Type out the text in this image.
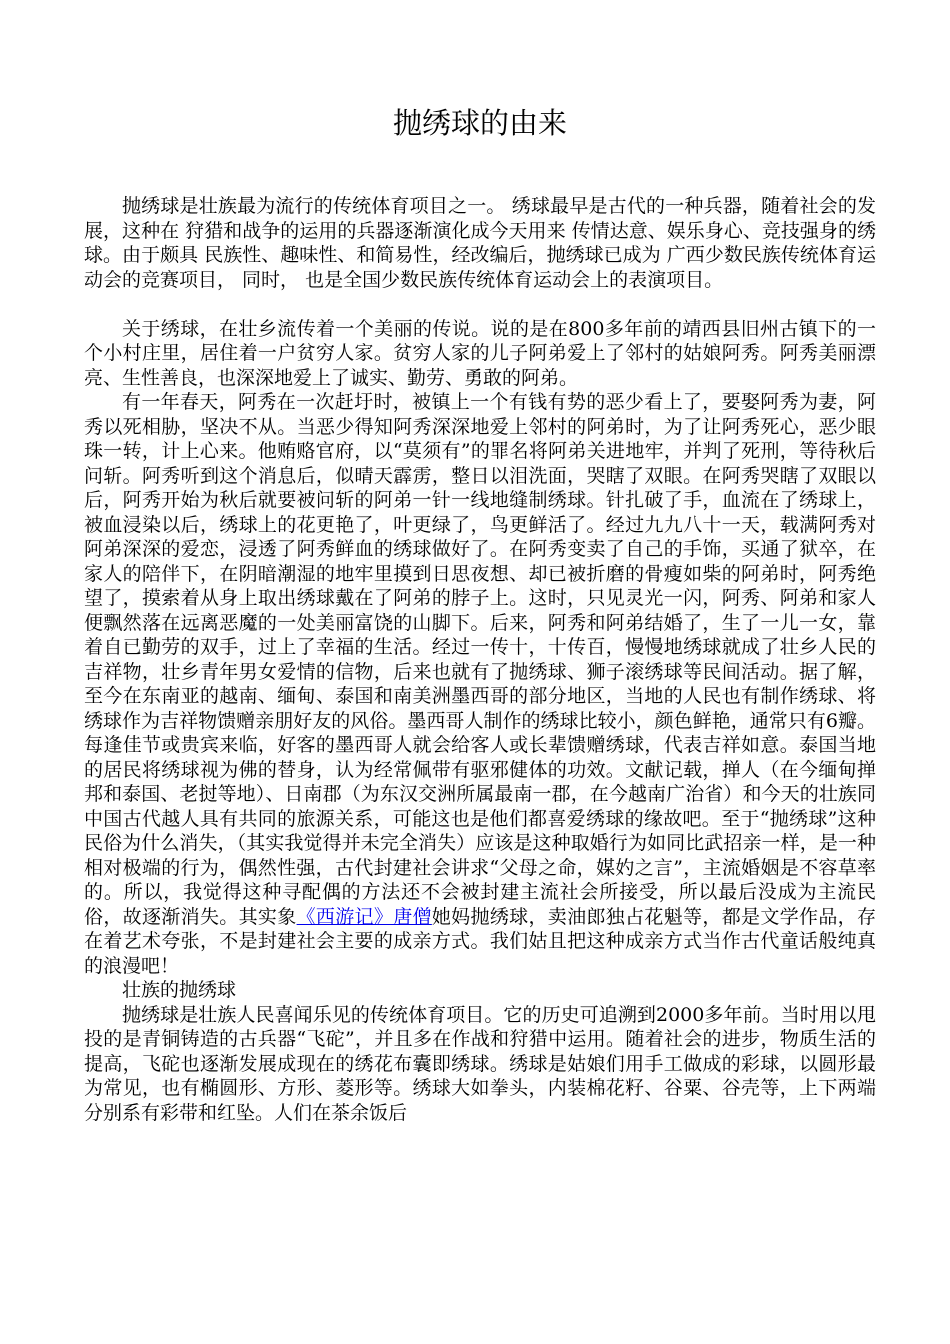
抛绣球的由来

抛绣球是壮族最为流行的传统体育项目之一。 绣球最早是古代的一种兵器，随着社会的发展，这种在 狩猎和战争的运用的兵器逐渐演化成今天用来 传情达意、娱乐身心、竞技强身的绣球。由于颇具 民族性、趣味性、和简易性，经改编后，抛绣球已成为 广西少数民族传统体育运动会的竞赛项目， 同时， 也是全国少数民族传统体育运动会上的表演项目。

关于绣球，在壮乡流传着一个美丽的传说。说的是在800多年前的靖西县旧州古镇下的一个小村庄里，居住着一户贫穷人家。贫穷人家的儿子阿弟爱上了邻村的姑娘阿秀。阿秀美丽漂亮、生性善良，也深深地爱上了诚实、勤劳、勇敢的阿弟。

有一年春天，阿秀在一次赶圩时，被镇上一个有钱有势的恶少看上了，要娶阿秀为妻，阿秀以死相胁，坚决不从。当恶少得知阿秀深深地爱上邻村的阿弟时，为了让阿秀死心，恶少眼珠一转，计上心来。他贿赂官府，以“莫须有”的罪名将阿弟关进地牢，并判了死刑，等待秋后问斩。阿秀听到这个消息后，似晴天霹雳，整日以泪洗面，哭瞎了双眼。在阿秀哭瞎了双眼以后，阿秀开始为秋后就要被问斩的阿弟一针一线地缝制绣球。针扎破了手，血流在了绣球上，被血浸染以后，绣球上的花更艳了，叶更绿了，鸟更鲜活了。经过九九八十一天，载满阿秀对阿弟深深的爱恋，浸透了阿秀鲜血的绣球做好了。在阿秀变卖了自己的手饰，买通了狱卒，在家人的陪伴下，在阴暗潮湿的地牢里摸到日思夜想、却已被折磨的骨瘦如柴的阿弟时，阿秀绝望了，摸索着从身上取出绣球戴在了阿弟的脖子上。这时，只见灵光一闪，阿秀、阿弟和家人便飘然落在远离恶魔的一处美丽富饶的山脚下。后来，阿秀和阿弟结婚了，生了一儿一女，靠着自已勤劳的双手，过上了幸福的生活。经过一传十，十传百，慢慢地绣球就成了壮乡人民的吉祥物，壮乡青年男女爱情的信物，后来也就有了抛绣球、狮子滚绣球等民间活动。据了解，至今在东南亚的越南、缅甸、泰国和南美洲墨西哥的部分地区，当地的人民也有制作绣球、将绣球作为吉祥物馈赠亲朋好友的风俗。墨西哥人制作的绣球比较小，颜色鲜艳，通常只有6瓣。每逢佳节或贵宾来临，好客的墨西哥人就会给客人或长辈馈赠绣球，代表吉祥如意。泰国当地的居民将绣球视为佛的替身，认为经常佩带有驱邪健体的功效。文献记载，掸人（在今缅甸掸邦和泰国、老挝等地）、日南郡（为东汉交洲所属最南一郡，在今越南广治省）和今天的壮族同中国古代越人具有共同的旅源关系，可能这也是他们都喜爱绣球的缘故吧。至于“抛绣球”这种民俗为什么消失，（其实我觉得并未完全消失）应该是这种取婚行为如同比武招亲一样，是一种相对极端的行为，偶然性强，古代封建社会讲求“父母之命，媒妁之言”，主流婚姻是不容草率的。所以，我觉得这种寻配偶的方法还不会被封建主流社会所接受，所以最后没成为主流民俗，故逐渐消失。其实象《西游记》唐僧她妈抛绣球，卖油郎独占花魁等，都是文学作品，存在着艺术夸张，不是封建社会主要的成亲方式。我们姑且把这种成亲方式当作古代童话般纯真的浪漫吧！

壮族的抛绣球

抛绣球是壮族人民喜闻乐见的传统体育项目。它的历史可追溯到2000多年前。当时用以甩投的是青铜铸造的古兵器“飞砣”，并且多在作战和狩猎中运用。随着社会的进步，物质生活的提高，飞砣也逐渐发展成现在的绣花布囊即绣球。绣球是姑娘们用手工做成的彩球，以圆形最为常见，也有椭圆形、方形、菱形等。绣球大如拳头，内装棉花籽、谷粟、谷壳等，上下两端分别系有彩带和红坠。人们在茶余饭后
